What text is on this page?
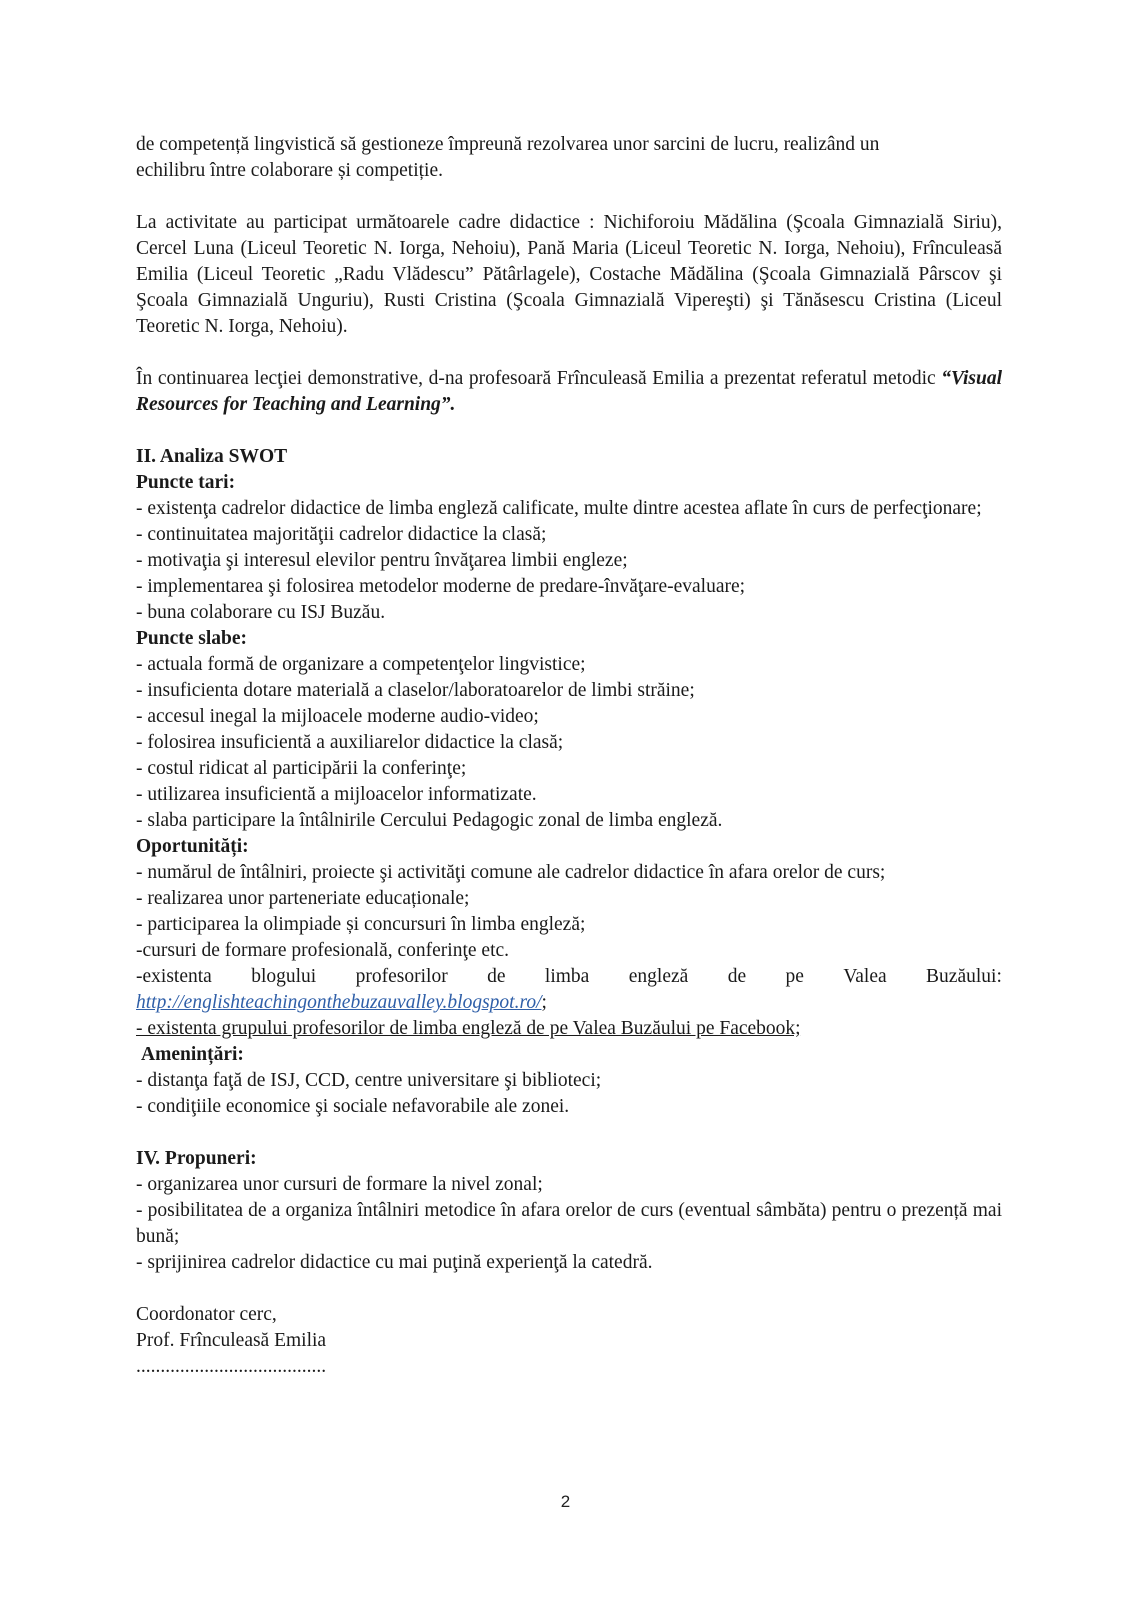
de competență lingvistică să gestioneze împreună rezolvarea unor sarcini de lucru, realizând un

echilibru între colaborare și competiție.

La activitate au participat următoarele cadre didactice : Nichiforoiu Mădălina (Şcoala Gimnazială Siriu), Cercel Luna (Liceul Teoretic N. Iorga, Nehoiu), Pană Maria (Liceul Teoretic N. Iorga, Nehoiu), Frînculeasă Emilia (Liceul Teoretic „Radu Vlădescu” Pătârlagele), Costache Mădălina (Şcoala Gimnazială Pârscov şi Şcoala Gimnazială Unguriu), Rusti Cristina (Şcoala Gimnazială Vipereşti) şi Tănăsescu Cristina (Liceul Teoretic N. Iorga, Nehoiu).

În continuarea lecţiei demonstrative, d-na profesoară Frînculeasă Emilia a prezentat referatul metodic “Visual Resources for Teaching and Learning”.

II. Analiza SWOT

Puncte tari:

- existenţa cadrelor didactice de limba engleză calificate, multe dintre acestea aflate în curs de perfecţionare;

- continuitatea majorităţii cadrelor didactice la clasă;

- motivaţia şi interesul elevilor pentru învăţarea limbii engleze;

- implementarea şi folosirea metodelor moderne de predare-învăţare-evaluare;

- buna colaborare cu ISJ Buzău.

Puncte slabe:

- actuala formă de organizare a competenţelor lingvistice;

- insuficienta dotare materială a claselor/laboratoarelor de limbi străine;

- accesul inegal la mijloacele moderne audio-video;

- folosirea insuficientă a auxiliarelor didactice la clasă;

- costul ridicat al participării la conferinţe;

- utilizarea insuficientă a mijloacelor informatizate.

- slaba participare la întâlnirile Cercului Pedagogic zonal de limba engleză.

Oportunități:

- numărul de întâlniri, proiecte şi activităţi comune ale cadrelor didactice în afara orelor de curs;

- realizarea unor parteneriate educaționale;

- participarea la olimpiade și concursuri în limba engleză;

-cursuri de formare profesională, conferinţe etc.

-existenta blogului profesorilor de limba engleză de pe Valea Buzăului:

http://englishteachingonthebuzauvalley.blogspot.ro/;

- existenta grupului profesorilor de limba engleză de pe Valea Buzăului pe Facebook;

Amenințări:

- distanţa faţă de ISJ, CCD, centre universitare şi biblioteci;

- condiţiile economice şi sociale nefavorabile ale zonei.

IV. Propuneri:

- organizarea unor cursuri de formare la nivel zonal;

- posibilitatea de a organiza întâlniri metodice în afara orelor de curs (eventual sâmbăta) pentru o prezență mai bună;

- sprijinirea cadrelor didactice cu mai puţină experienţă la catedră.

Coordonator cerc,

Prof. Frînculeasă Emilia

.......................................

2
